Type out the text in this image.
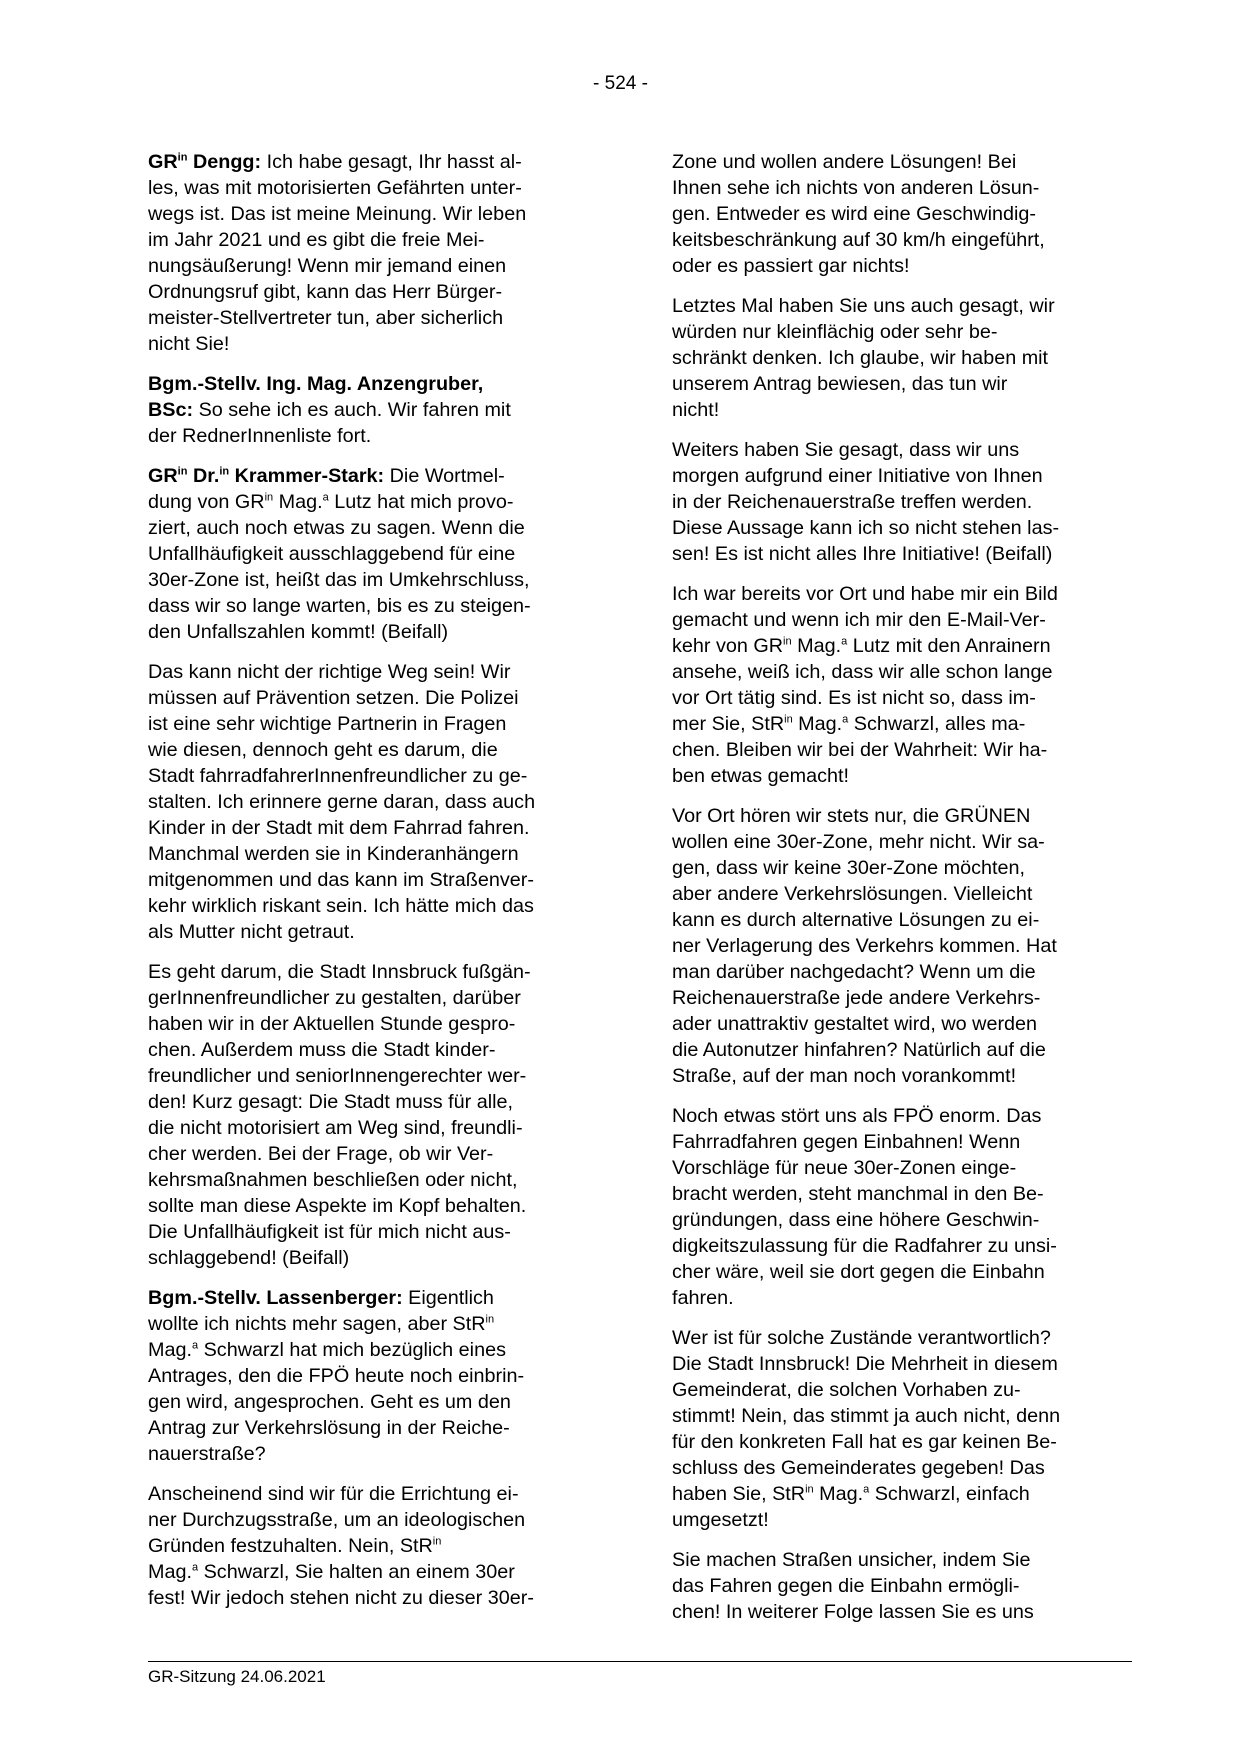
- 524 -
$GR^{in}$ Dengg: Ich habe gesagt, Ihr hasst al-
les, was mit motorisierten Gefährten unter-
wegs ist. Das ist meine Meinung. Wir leben
im Jahr 2021 und es gibt die freie Mei-
nungsäußerung! Wenn mir jemand einen
Ordnungsruf gibt, kann das Herr Bürger-
meister-Stellvertreter tun, aber sicherlich
nicht Sie!
Bgm.-Stellv. Ing. Mag. Anzengruber,
BSc: So sehe ich es auch. Wir fahren mit
der RednerInnenliste fort.
$GR^{in}$ Dr.$^{in}$ Krammer-Stark: Die Wortmel-
dung von $GR^{in}$ Mag.$^a$ Lutz hat mich provo-
ziert, auch noch etwas zu sagen. Wenn die
Unfallhäufigkeit ausschlaggebend für eine
30er-Zone ist, heißt das im Umkehrschluss,
dass wir so lange warten, bis es zu steigen-
den Unfallszahlen kommt! (Beifall)
Das kann nicht der richtige Weg sein! Wir
müssen auf Prävention setzen. Die Polizei
ist eine sehr wichtige Partnerin in Fragen
wie diesen, dennoch geht es darum, die
Stadt fahrradfahrerInnenfreundlicher zu ge-
stalten. Ich erinnere gerne daran, dass auch
Kinder in der Stadt mit dem Fahrrad fahren.
Manchmal werden sie in Kinderanhängern
mitgenommen und das kann im Straßenver-
kehr wirklich riskant sein. Ich hätte mich das
als Mutter nicht getraut.
Es geht darum, die Stadt Innsbruck fußgän-
gerInnenfreundlicher zu gestalten, darüber
haben wir in der Aktuellen Stunde gespro-
chen. Außerdem muss die Stadt kinder-
freundlicher und seniorInnengerechter wer-
den! Kurz gesagt: Die Stadt muss für alle,
die nicht motorisiert am Weg sind, freundli-
cher werden. Bei der Frage, ob wir Ver-
kehrsmaßnahmen beschließen oder nicht,
sollte man diese Aspekte im Kopf behalten.
Die Unfallhäufigkeit ist für mich nicht aus-
schlaggebend! (Beifall)
Bgm.-Stellv. Lassenberger: Eigentlich
wollte ich nichts mehr sagen, aber StR$^{in}$
Mag.$^a$ Schwarzl hat mich bezüglich eines
Antrages, den die FPÖ heute noch einbrin-
gen wird, angesprochen. Geht es um den
Antrag zur Verkehrslösung in der Reiche-
nauerstraße?
Anscheinend sind wir für die Errichtung ei-
ner Durchzugsstraße, um an ideologischen
Gründen festzuhalten. Nein, StR$^{in}$
Mag.$^a$ Schwarzl, Sie halten an einem 30er
fest! Wir jedoch stehen nicht zu dieser 30er-
Zone und wollen andere Lösungen! Bei
Ihnen sehe ich nichts von anderen Lösun-
gen. Entweder es wird eine Geschwindig-
keitsbeschränkung auf 30 km/h eingeführt,
oder es passiert gar nichts!
Letztes Mal haben Sie uns auch gesagt, wir
würden nur kleinflächig oder sehr be-
schränkt denken. Ich glaube, wir haben mit
unserem Antrag bewiesen, das tun wir
nicht!
Weiters haben Sie gesagt, dass wir uns
morgen aufgrund einer Initiative von Ihnen
in der Reichenauerstraße treffen werden.
Diese Aussage kann ich so nicht stehen las-
sen! Es ist nicht alles Ihre Initiative! (Beifall)
Ich war bereits vor Ort und habe mir ein Bild
gemacht und wenn ich mir den E-Mail-Ver-
kehr von $GR^{in}$ Mag.$^a$ Lutz mit den Anrainern
ansehe, weiß ich, dass wir alle schon lange
vor Ort tätig sind. Es ist nicht so, dass im-
mer Sie, StR$^{in}$ Mag.$^a$ Schwarzl, alles ma-
chen. Bleiben wir bei der Wahrheit: Wir ha-
ben etwas gemacht!
Vor Ort hören wir stets nur, die GRÜNEN
wollen eine 30er-Zone, mehr nicht. Wir sa-
gen, dass wir keine 30er-Zone möchten,
aber andere Verkehrslösungen. Vielleicht
kann es durch alternative Lösungen zu ei-
ner Verlagerung des Verkehrs kommen. Hat
man darüber nachgedacht? Wenn um die
Reichenauerstraße jede andere Verkehrs-
ader unattraktiv gestaltet wird, wo werden
die Autonutzer hinfahren? Natürlich auf die
Straße, auf der man noch vorankommt!
Noch etwas stört uns als FPÖ enorm. Das
Fahrradfahren gegen Einbahnen! Wenn
Vorschläge für neue 30er-Zonen einge-
bracht werden, steht manchmal in den Be-
gründungen, dass eine höhere Geschwin-
digkeitszulassung für die Radfahrer zu unsi-
cher wäre, weil sie dort gegen die Einbahn
fahren.
Wer ist für solche Zustände verantwortlich?
Die Stadt Innsbruck! Die Mehrheit in diesem
Gemeinderat, die solchen Vorhaben zu-
stimmt! Nein, das stimmt ja auch nicht, denn
für den konkreten Fall hat es gar keinen Be-
schluss des Gemeinderates gegeben! Das
haben Sie, StR$^{in}$ Mag.$^a$ Schwarzl, einfach
umgesetzt!
Sie machen Straßen unsicher, indem Sie
das Fahren gegen die Einbahn ermögli-
chen! In weiterer Folge lassen Sie es uns
GR-Sitzung 24.06.2021
